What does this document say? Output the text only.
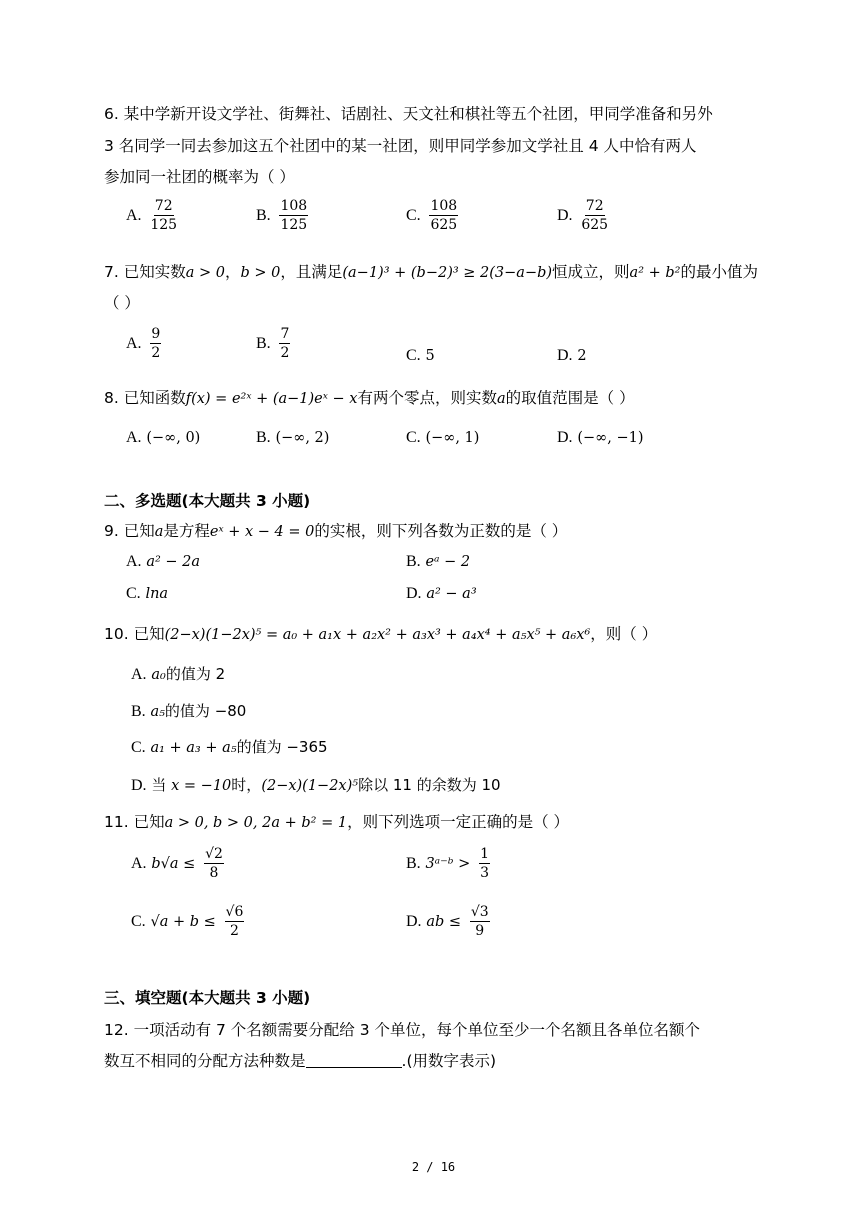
6. 某中学新开设文学社、街舞社、话剧社、天文社和棋社等五个社团，甲同学准备和另外
3 名同学一同去参加这五个社团中的某一社团，则甲同学参加文学社且 4 人中恰有两人
参加同一社团的概率为（ ）
A. $\frac{72}{125}$	B. $\frac{108}{125}$	C. $\frac{108}{625}$	D. $\frac{72}{625}$
7. 已知实数a > 0，b > 0，且满足(a−1)³ + (b−2)³ ≥ 2(3−a−b)恒成立，则a² + b²的最小值为
（ ）
A. $\frac{9}{2}$	B. $\frac{7}{2}$	C. 5	D. 2
8. 已知函数f(x) = e²ˣ + (a−1)eˣ − x有两个零点，则实数a的取值范围是（ ）
A. (−∞, 0)	B. (−∞, 2)	C. (−∞, 1)	D. (−∞, −1)
二、多选题(本大题共 3 小题)
9. 已知a是方程eˣ + x − 4 = 0的实根，则下列各数为正数的是（ ）
A. a² − 2a	B. eᵃ − 2
C. lna	D. a² − a³
10. 已知(2−x)(1−2x)⁵ = a₀ + a₁x + a₂x² + a₃x³ + a₄x⁴ + a₅x⁵ + a₆x⁶，则（ ）
A. a₀的值为 2
B. a₅的值为 −80
C. a₁ + a₃ + a₅的值为 −365
D. 当 x = −10时，(2−x)(1−2x)⁵除以 11 的余数为 10
11. 已知a > 0, b > 0, 2a + b² = 1，则下列选项一定正确的是（ ）
A. $b√a \le \frac{√2}{8}$	B. 3ᵃ⁻ᵇ > $\frac{1}{3}$
C. $√a + b \le \frac{√6}{2}$	D. ab ≤ $\frac{√3}{9}$
三、填空题(本大题共 3 小题)
12. 一项活动有 7 个名额需要分配给 3 个单位，每个单位至少一个名额且各单位名额个
数互不相同的分配方法种数是	.(用数字表示)
2 / 16
